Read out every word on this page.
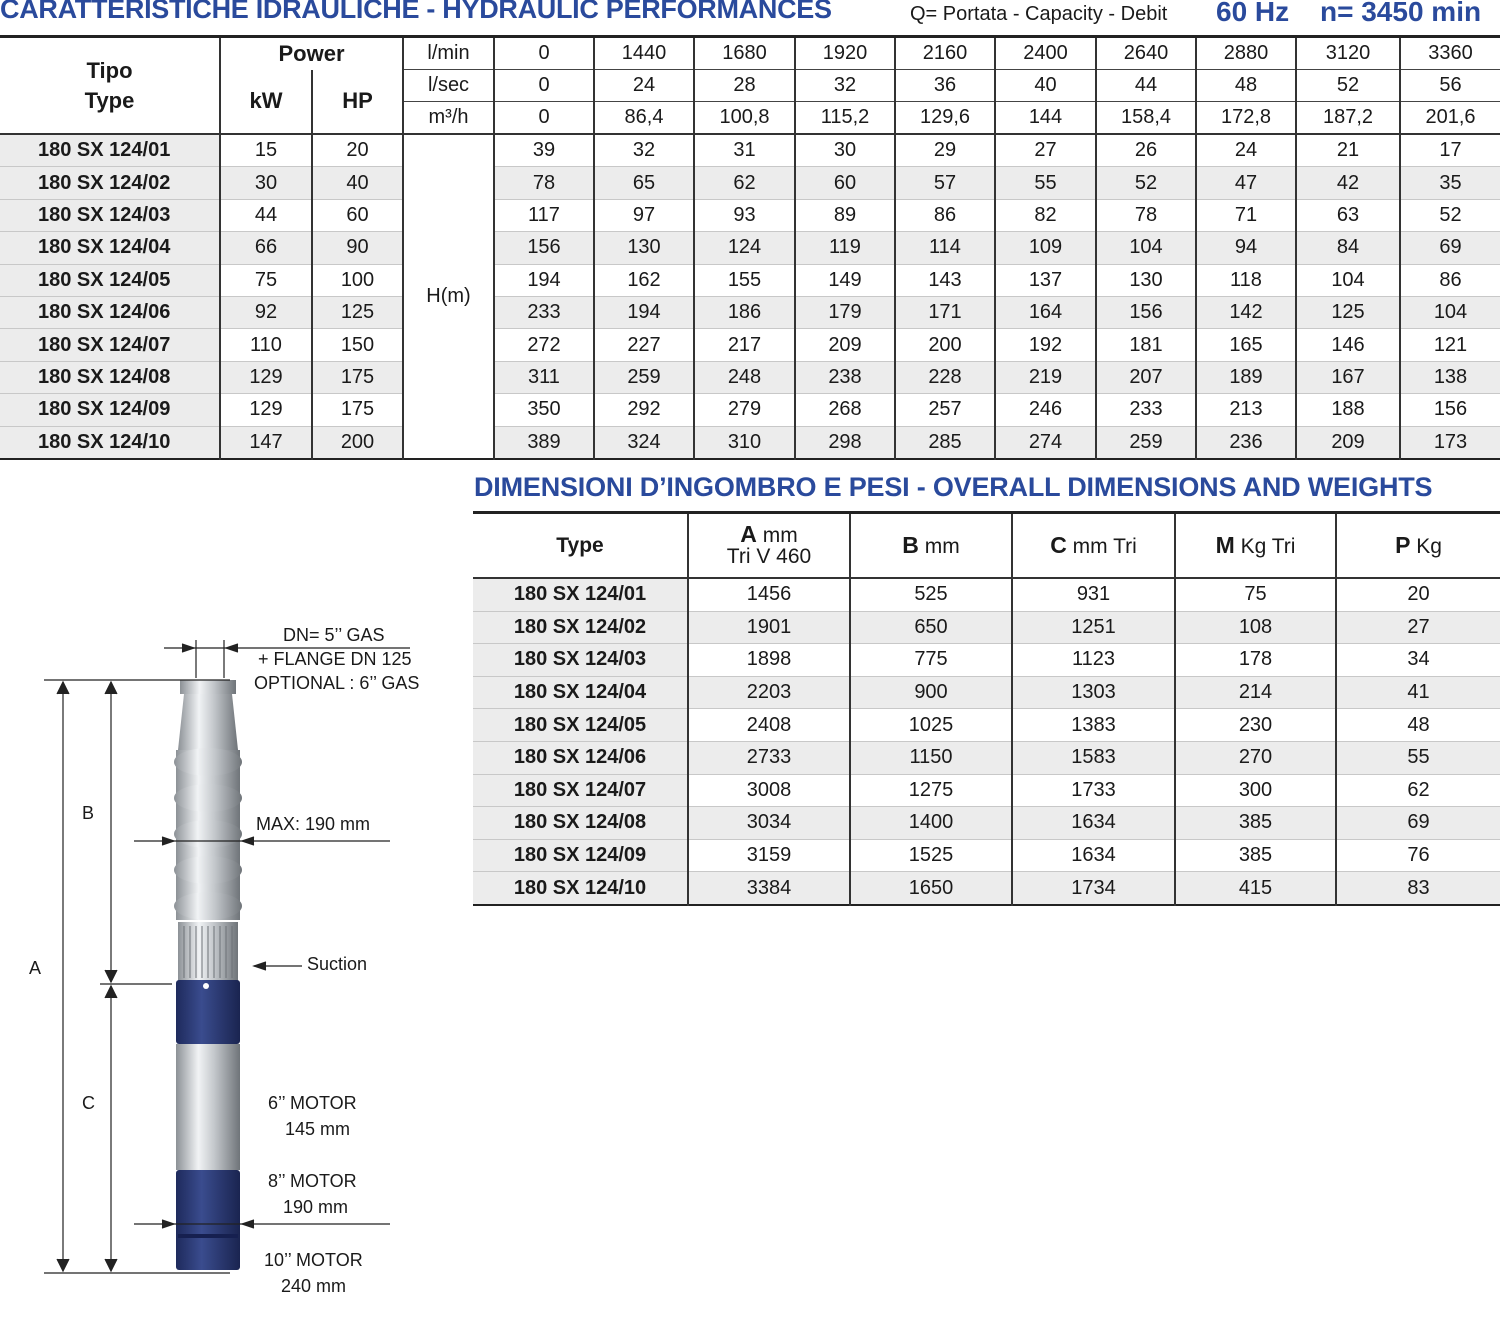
CARATTERISTICHE IDRAULICHE - HYDRAULIC PERFORMANCES	Q= Portata - Capacity - Debit 60 Hz n= 3450 min
Tipo
Type	Power		l/min	0	1440	1680	1920	2160	2400	2640	2880	3120	3360
	kW	HP	l/sec	0	24	28	32	36	40	44	48	52	56
			m³/h	0	86,4	100,8	115,2	129,6	144	158,4	172,8	187,2	201,6
180 SX 124/01	15	20	H(m)	39	32	31	30	29	27	26	24	21	17
180 SX 124/02	30	40		78	65	62	60	57	55	52	47	42	35
180 SX 124/03	44	60		117	97	93	89	86	82	78	71	63	52
180 SX 124/04	66	90		156	130	124	119	114	109	104	94	84	69
180 SX 124/05	75	100		194	162	155	149	143	137	130	118	104	86
180 SX 124/06	92	125		233	194	186	179	171	164	156	142	125	104
180 SX 124/07	110	150		272	227	217	209	200	192	181	165	146	121
180 SX 124/08	129	175		311	259	248	238	228	219	207	189	167	138
180 SX 124/09	129	175		350	292	279	268	257	246	233	213	188	156
180 SX 124/10	147	200		389	324	310	298	285	274	259	236	209	173
DIMENSIONI D’INGOMBRO E PESI - OVERALL DIMENSIONS AND WEIGHTS
Type	A mm
Tri V 460	B mm	C mm Tri	M Kg Tri	P Kg
180 SX 124/01	1456	525	931	75	20
180 SX 124/02	1901	650	1251	108	27
180 SX 124/03	1898	775	1123	178	34
180 SX 124/04	2203	900	1303	214	41
180 SX 124/05	2408	1025	1383	230	48
180 SX 124/06	2733	1150	1583	270	55
180 SX 124/07	3008	1275	1733	300	62
180 SX 124/08	3034	1400	1634	385	69
180 SX 124/09	3159	1525	1634	385	76
180 SX 124/10	3384	1650	1734	415	83
A
B
C
DN= 5’’ GAS
+ FLANGE DN 125
OPTIONAL : 6’’ GAS
MAX: 190 mm
Suction
6’’ MOTOR
145 mm
8’’ MOTOR
190 mm
10’’ MOTOR
240 mm
